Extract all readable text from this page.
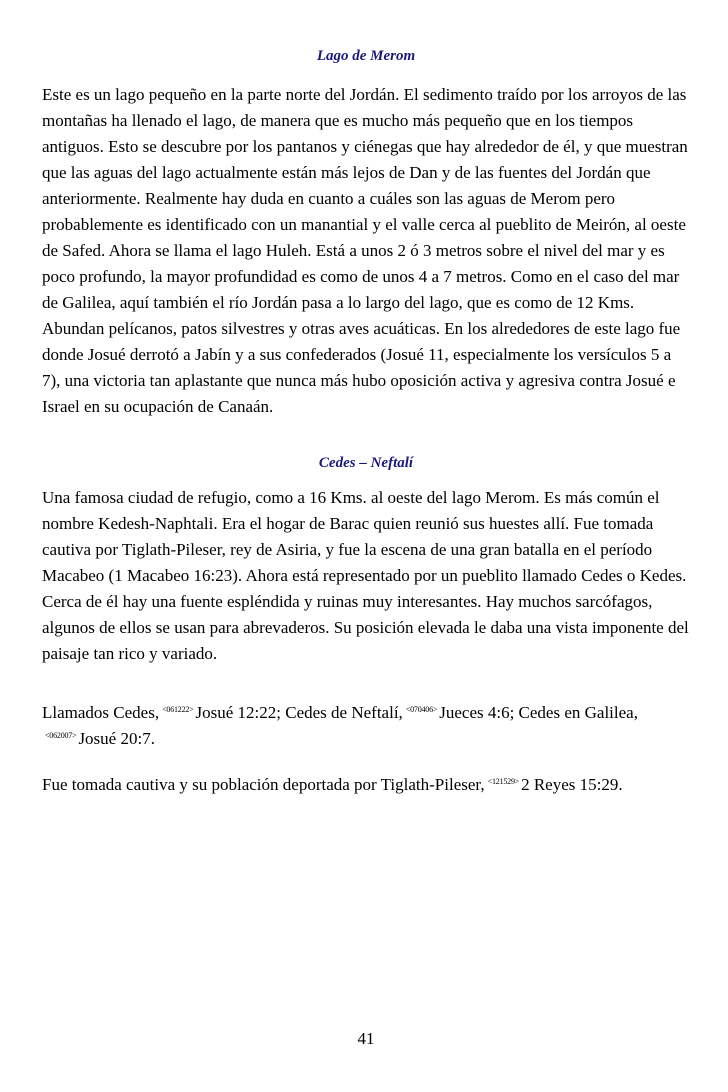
Lago de Merom

Este es un lago pequeño en la parte norte del Jordán. El sedimento traído por los arroyos de las montañas ha llenado el lago, de manera que es mucho más pequeño que en los tiempos antiguos. Esto se descubre por los pantanos y ciénegas que hay alrededor de él, y que muestran que las aguas del lago actualmente están más lejos de Dan y de las fuentes del Jordán que anteriormente. Realmente hay duda en cuanto a cuáles son las aguas de Merom pero probablemente es identificado con un manantial y el valle cerca al pueblito de Meirón, al oeste de Safed. Ahora se llama el lago Huleh. Está a unos 2 ó 3 metros sobre el nivel del mar y es poco profundo, la mayor profundidad es como de unos 4 a 7 metros. Como en el caso del mar de Galilea, aquí también el río Jordán pasa a lo largo del lago, que es como de 12 Kms. Abundan pelícanos, patos silvestres y otras aves acuáticas. En los alrededores de este lago fue donde Josué derrotó a Jabín y a sus confederados (Josué 11, especialmente los versículos 5 a 7), una victoria tan aplastante que nunca más hubo oposición activa y agresiva contra Josué e Israel en su ocupación de Canaán.

Cedes – Neftalí

Una famosa ciudad de refugio, como a 16 Kms. al oeste del lago Merom. Es más común el nombre Kedesh-Naphtali. Era el hogar de Barac quien reunió sus huestes allí. Fue tomada cautiva por Tiglath-Pileser, rey de Asiria, y fue la escena de una gran batalla en el período Macabeo (1 Macabeo 16:23). Ahora está representado por un pueblito llamado Cedes o Kedes. Cerca de él hay una fuente espléndida y ruinas muy interesantes. Hay muchos sarcófagos, algunos de ellos se usan para abrevaderos. Su posición elevada le daba una vista imponente del paisaje tan rico y variado.

Llamados Cedes, $^{<061222>}$ Josué 12:22; Cedes de Neftalí, $^{<070406>}$ Jueces 4:6; Cedes en Galilea,$^{<062007>}$ Josué 20:7.

Fue tomada cautiva y su población deportada por Tiglath-Pileser, $^{<121529>}$ 2 Reyes 15:29.

41
